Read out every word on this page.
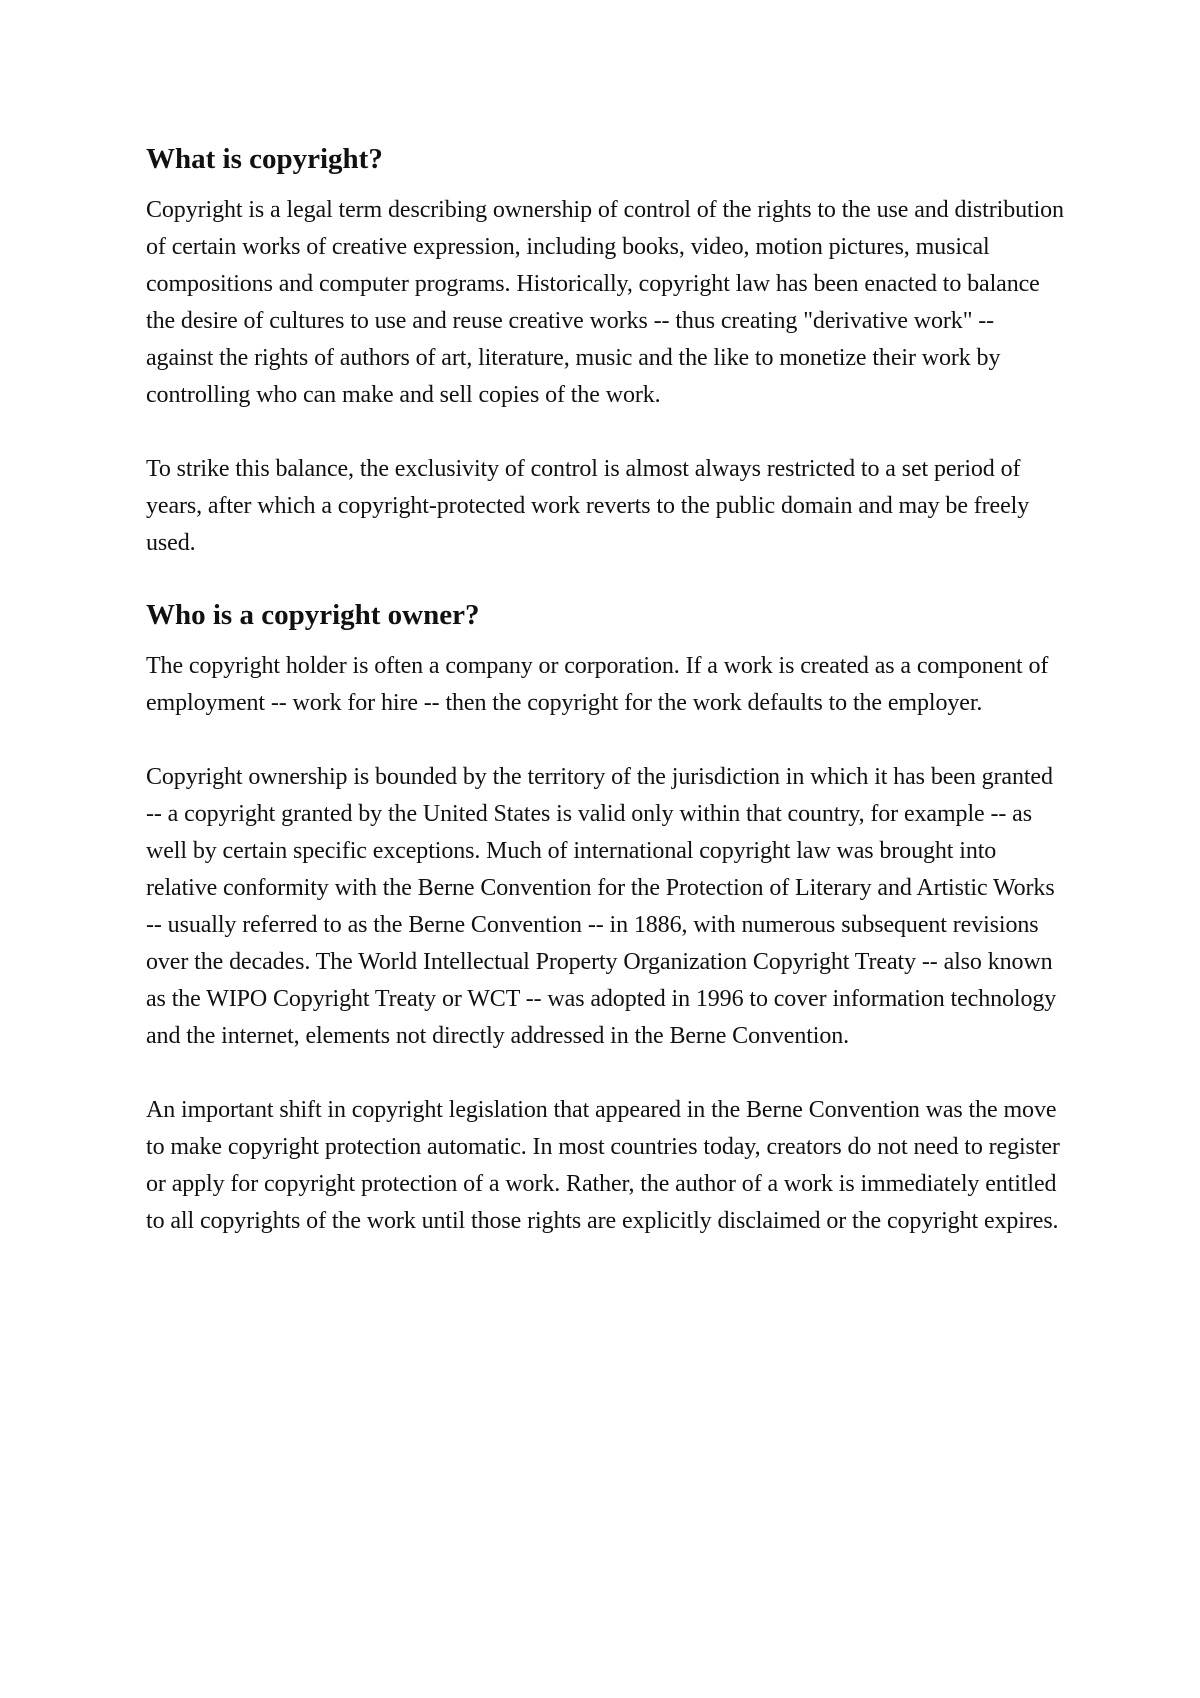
What is copyright?

Copyright is a legal term describing ownership of control of the rights to the use and distribution of certain works of creative expression, including books, video, motion pictures, musical compositions and computer programs. Historically, copyright law has been enacted to balance the desire of cultures to use and reuse creative works -- thus creating "derivative work" -- against the rights of authors of art, literature, music and the like to monetize their work by controlling who can make and sell copies of the work.

To strike this balance, the exclusivity of control is almost always restricted to a set period of years, after which a copyright-protected work reverts to the public domain and may be freely used.

Who is a copyright owner?

The copyright holder is often a company or corporation. If a work is created as a component of employment -- work for hire -- then the copyright for the work defaults to the employer.

Copyright ownership is bounded by the territory of the jurisdiction in which it has been granted -- a copyright granted by the United States is valid only within that country, for example -- as well by certain specific exceptions. Much of international copyright law was brought into relative conformity with the Berne Convention for the Protection of Literary and Artistic Works -- usually referred to as the Berne Convention -- in 1886, with numerous subsequent revisions over the decades. The World Intellectual Property Organization Copyright Treaty -- also known as the WIPO Copyright Treaty or WCT -- was adopted in 1996 to cover information technology and the internet, elements not directly addressed in the Berne Convention.

An important shift in copyright legislation that appeared in the Berne Convention was the move to make copyright protection automatic. In most countries today, creators do not need to register or apply for copyright protection of a work. Rather, the author of a work is immediately entitled to all copyrights of the work until those rights are explicitly disclaimed or the copyright expires.
